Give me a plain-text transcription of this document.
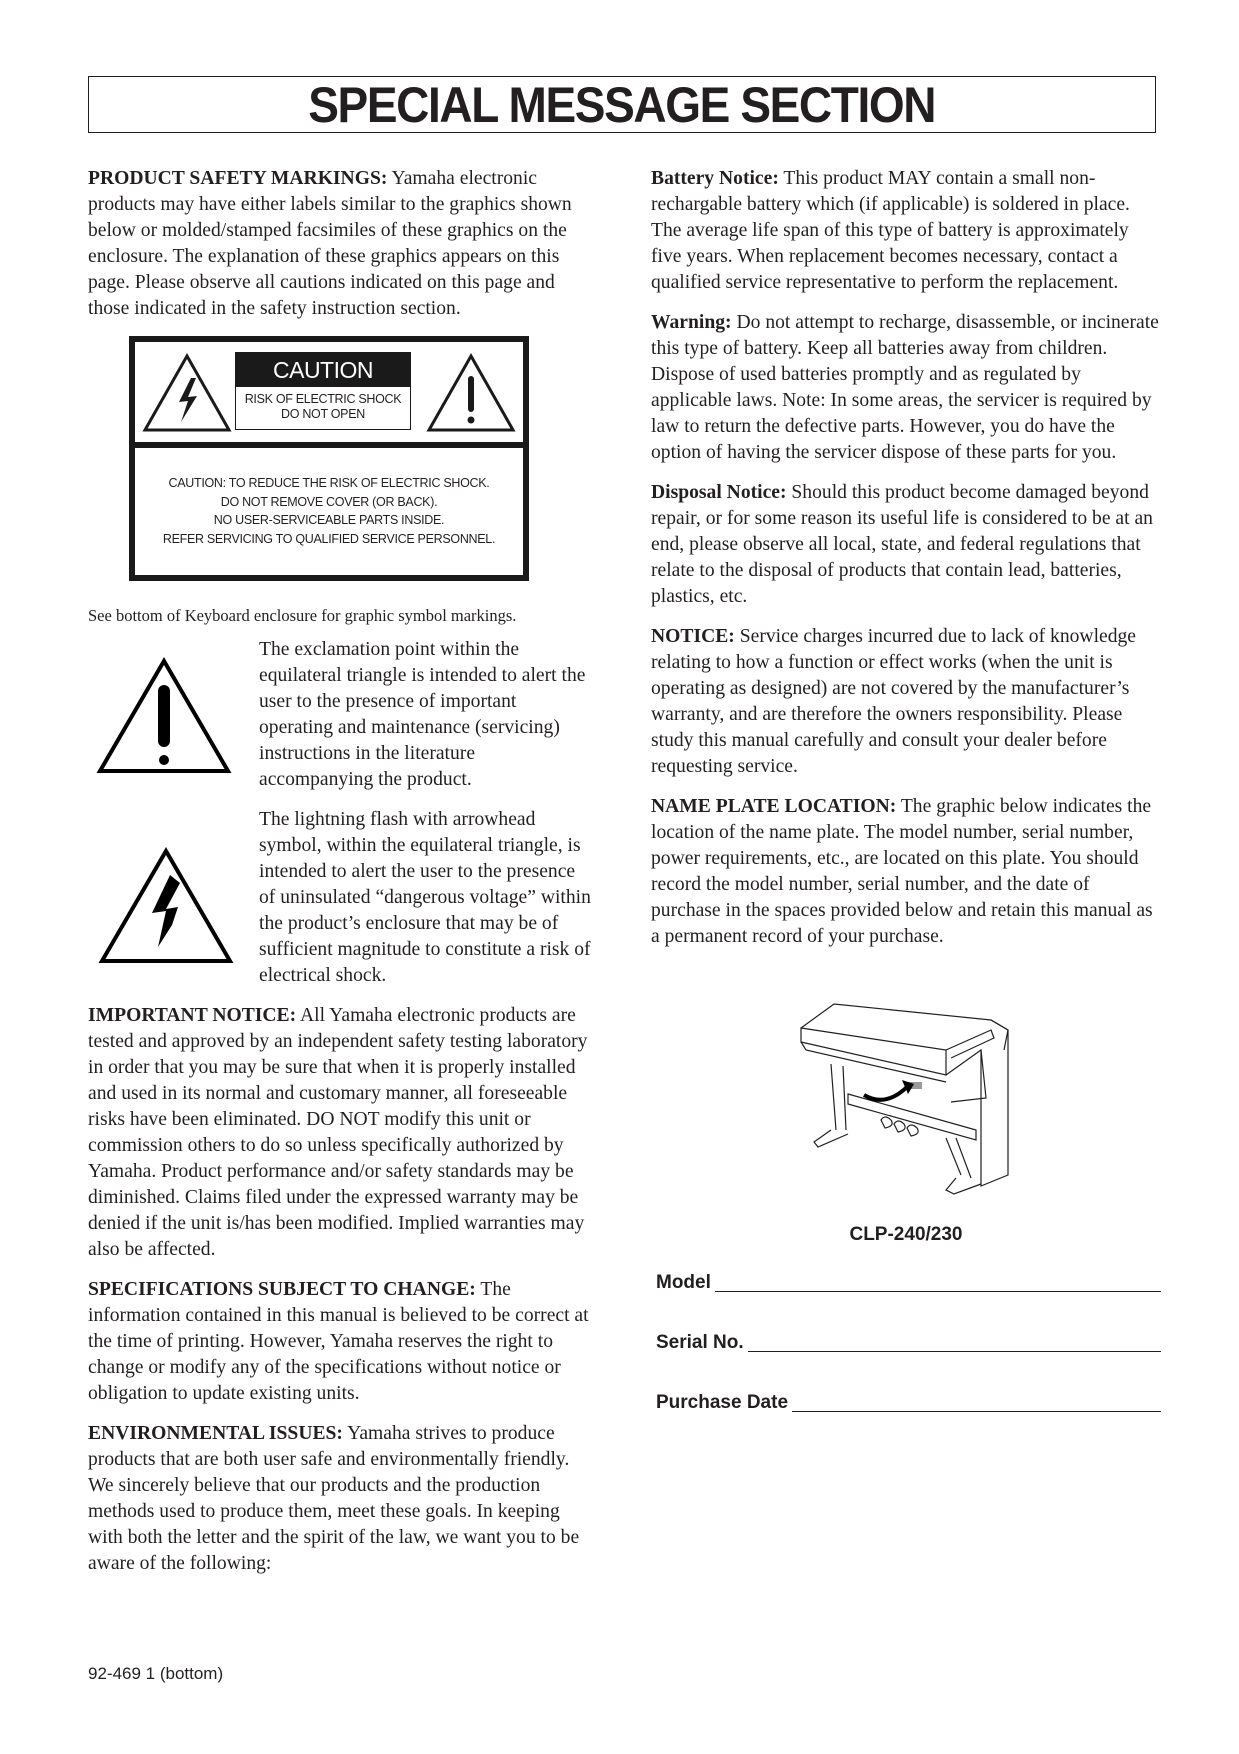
SPECIAL MESSAGE SECTION

PRODUCT SAFETY MARKINGS: Yamaha electronic products may have either labels similar to the graphics shown below or molded/stamped facsimiles of these graphics on the enclosure. The explanation of these graphics appears on this page. Please observe all cautions indicated on this page and those indicated in the safety instruction section.

CAUTION
RISK OF ELECTRIC SHOCK
DO NOT OPEN
CAUTION: TO REDUCE THE RISK OF ELECTRIC SHOCK.
DO NOT REMOVE COVER (OR BACK).
NO USER-SERVICEABLE PARTS INSIDE.
REFER SERVICING TO QUALIFIED SERVICE PERSONNEL.

See bottom of Keyboard enclosure for graphic symbol markings.

The exclamation point within the equilateral triangle is intended to alert the user to the presence of important operating and maintenance (servicing) instructions in the literature accompanying the product.
The lightning flash with arrowhead symbol, within the equilateral triangle, is intended to alert the user to the presence of uninsulated “dangerous voltage” within the product’s enclosure that may be of sufficient magnitude to constitute a risk of electrical shock.

IMPORTANT NOTICE: All Yamaha electronic products are tested and approved by an independent safety testing laboratory in order that you may be sure that when it is properly installed and used in its normal and customary manner, all foreseeable risks have been eliminated. DO NOT modify this unit or commission others to do so unless specifically authorized by Yamaha. Product performance and/or safety standards may be diminished. Claims filed under the expressed warranty may be denied if the unit is/has been modified. Implied warranties may also be affected.

SPECIFICATIONS SUBJECT TO CHANGE: The information contained in this manual is believed to be correct at the time of printing. However, Yamaha reserves the right to change or modify any of the specifications without notice or obligation to update existing units.

ENVIRONMENTAL ISSUES: Yamaha strives to produce products that are both user safe and environmentally friendly. We sincerely believe that our products and the production methods used to produce them, meet these goals. In keeping with both the letter and the spirit of the law, we want you to be aware of the following:

Battery Notice: This product MAY contain a small non-rechargable battery which (if applicable) is soldered in place. The average life span of this type of battery is approximately five years. When replacement becomes necessary, contact a qualified service representative to perform the replacement.

Warning: Do not attempt to recharge, disassemble, or incinerate this type of battery. Keep all batteries away from children. Dispose of used batteries promptly and as regulated by applicable laws. Note: In some areas, the servicer is required by law to return the defective parts. However, you do have the option of having the servicer dispose of these parts for you.

Disposal Notice: Should this product become damaged beyond repair, or for some reason its useful life is considered to be at an end, please observe all local, state, and federal regulations that relate to the disposal of products that contain lead, batteries, plastics, etc.

NOTICE: Service charges incurred due to lack of knowledge relating to how a function or effect works (when the unit is operating as designed) are not covered by the manufacturer’s warranty, and are therefore the owners responsibility. Please study this manual carefully and consult your dealer before requesting service.

NAME PLATE LOCATION: The graphic below indicates the location of the name plate. The model number, serial number, power requirements, etc., are located on this plate. You should record the model number, serial number, and the date of purchase in the spaces provided below and retain this manual as a permanent record of your purchase.

CLP-240/230
Model
Serial No.
Purchase Date
92-469 1 (bottom)
